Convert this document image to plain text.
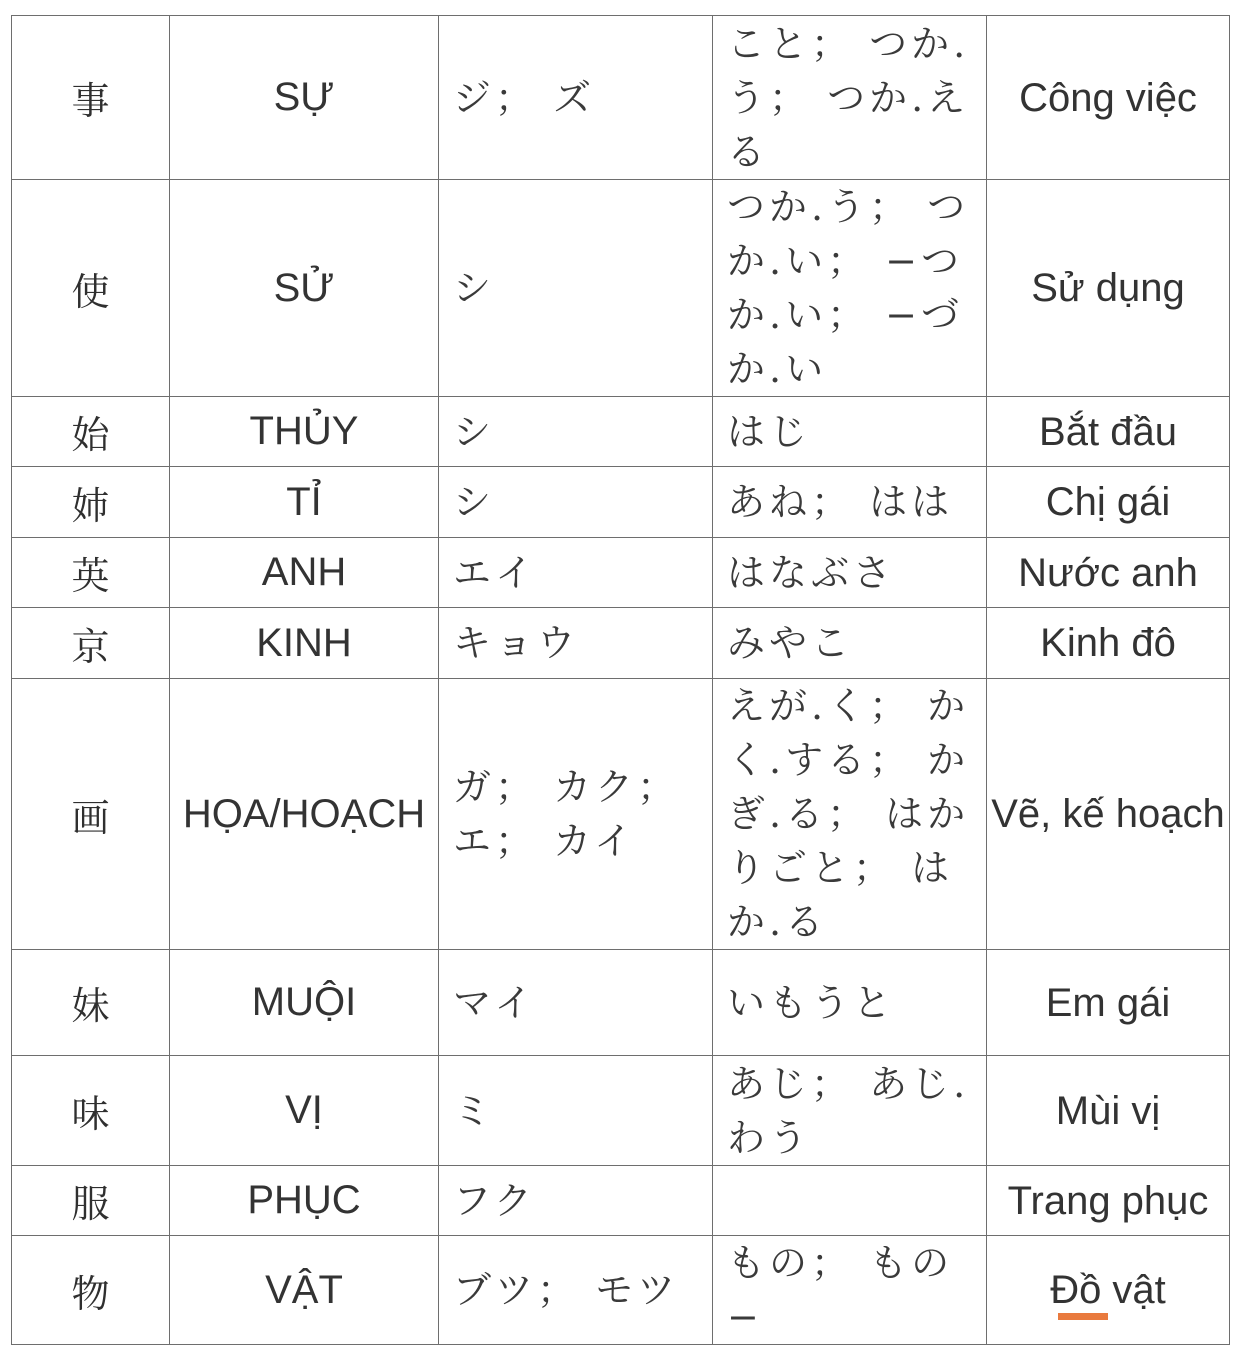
事	SỰ	ジ； ズ	こと； つか.う； つか.える	Công việc
使	SỬ	シ	つか.う； つか.い； −つか.い； −づか.い	Sử dụng
始	THỦY	シ	はじ	Bắt đầu
姉	TỈ	シ	あね； はは	Chị gái
英	ANH	エイ	はなぶさ	Nước anh
京	KINH	キョウ	みやこ	Kinh đô
画	HỌA/HOẠCH	ガ； カク； エ； カイ	えが.く； かく.する； かぎ.る； はかりごと； はか.る	Vẽ, kế hoạch
妹	MUỘI	マイ	いもうと	Em gái
味	VỊ	ミ	あじ； あじ.わう	Mùi vị
服	PHỤC	フク		Trang phục
物	VẬT	ブツ； モツ	もの； もの−	Đồ vật
